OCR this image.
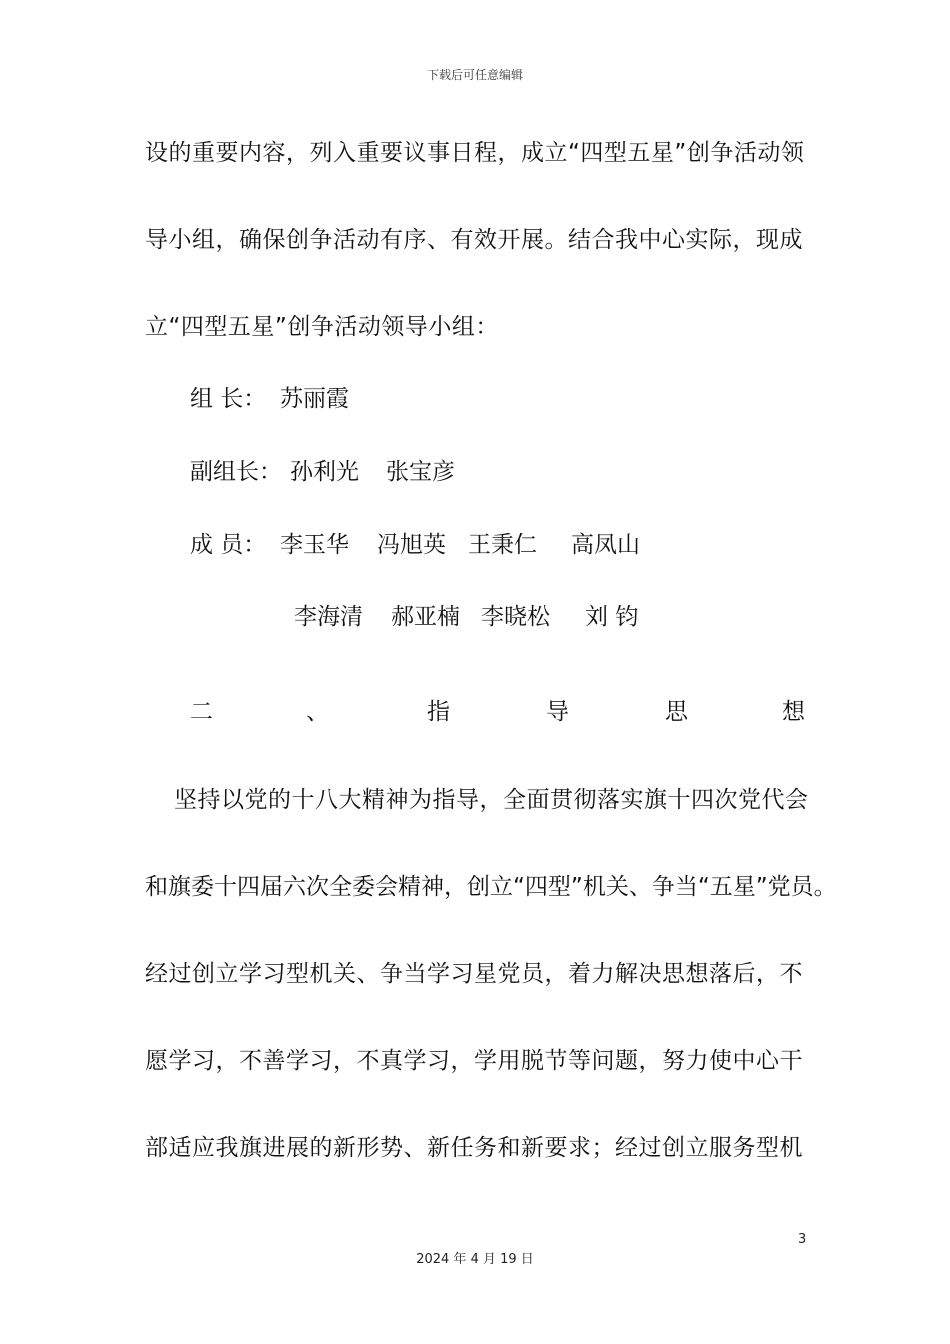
下载后可任意编辑
设的重要内容，列入重要议事日程，成立“四型五星”创争活动领
导小组，确保创争活动有序、有效开展。结合我中心实际，现成
立“四型五星”创争活动领导小组：
组 长： 苏丽霞
副组长： 孙利光 张宝彦
成 员： 李玉华 冯旭英 王秉仁 高凤山
李海清 郝亚楠 李晓松 刘 钧
二	、	指	导	思	想
坚持以党的十八大精神为指导，全面贯彻落实旗十四次党代会
和旗委十四届六次全委会精神，创立“四型”机关、争当“五星”党员。
经过创立学习型机关、争当学习星党员，着力解决思想落后，不
愿学习，不善学习，不真学习，学用脱节等问题，努力使中心干
部适应我旗进展的新形势、新任务和新要求；经过创立服务型机
3
2024 年 4 月 19 日
